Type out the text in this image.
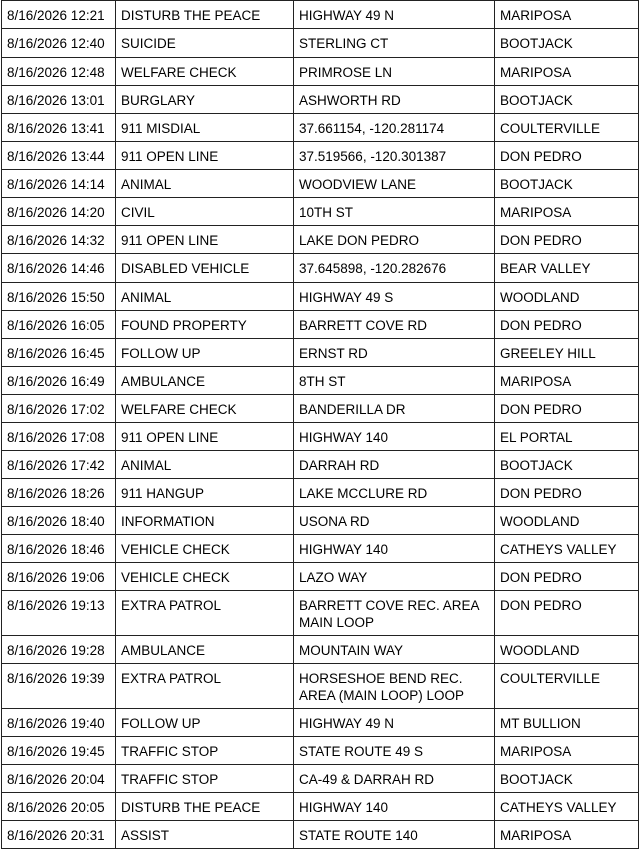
8/16/2026 12:21	DISTURB THE PEACE	HIGHWAY 49 N	MARIPOSA
8/16/2026 12:40	SUICIDE	STERLING CT	BOOTJACK
8/16/2026 12:48	WELFARE CHECK	PRIMROSE LN	MARIPOSA
8/16/2026 13:01	BURGLARY	ASHWORTH RD	BOOTJACK
8/16/2026 13:41	911 MISDIAL	37.661154, -120.281174	COULTERVILLE
8/16/2026 13:44	911 OPEN LINE	37.519566, -120.301387	DON PEDRO
8/16/2026 14:14	ANIMAL	WOODVIEW LANE	BOOTJACK
8/16/2026 14:20	CIVIL	10TH ST	MARIPOSA
8/16/2026 14:32	911 OPEN LINE	LAKE DON PEDRO	DON PEDRO
8/16/2026 14:46	DISABLED VEHICLE	37.645898, -120.282676	BEAR VALLEY
8/16/2026 15:50	ANIMAL	HIGHWAY 49 S	WOODLAND
8/16/2026 16:05	FOUND PROPERTY	BARRETT COVE RD	DON PEDRO
8/16/2026 16:45	FOLLOW UP	ERNST RD	GREELEY HILL
8/16/2026 16:49	AMBULANCE	8TH ST	MARIPOSA
8/16/2026 17:02	WELFARE CHECK	BANDERILLA DR	DON PEDRO
8/16/2026 17:08	911 OPEN LINE	HIGHWAY 140	EL PORTAL
8/16/2026 17:42	ANIMAL	DARRAH RD	BOOTJACK
8/16/2026 18:26	911 HANGUP	LAKE MCCLURE RD	DON PEDRO
8/16/2026 18:40	INFORMATION	USONA RD	WOODLAND
8/16/2026 18:46	VEHICLE CHECK	HIGHWAY 140	CATHEYS VALLEY
8/16/2026 19:06	VEHICLE CHECK	LAZO WAY	DON PEDRO
8/16/2026 19:13	EXTRA PATROL	BARRETT COVE REC. AREA MAIN LOOP	DON PEDRO
8/16/2026 19:28	AMBULANCE	MOUNTAIN WAY	WOODLAND
8/16/2026 19:39	EXTRA PATROL	HORSESHOE BEND REC. AREA (MAIN LOOP) LOOP	COULTERVILLE
8/16/2026 19:40	FOLLOW UP	HIGHWAY 49 N	MT BULLION
8/16/2026 19:45	TRAFFIC STOP	STATE ROUTE 49 S	MARIPOSA
8/16/2026 20:04	TRAFFIC STOP	CA-49 & DARRAH RD	BOOTJACK
8/16/2026 20:05	DISTURB THE PEACE	HIGHWAY 140	CATHEYS VALLEY
8/16/2026 20:31	ASSIST	STATE ROUTE 140	MARIPOSA
